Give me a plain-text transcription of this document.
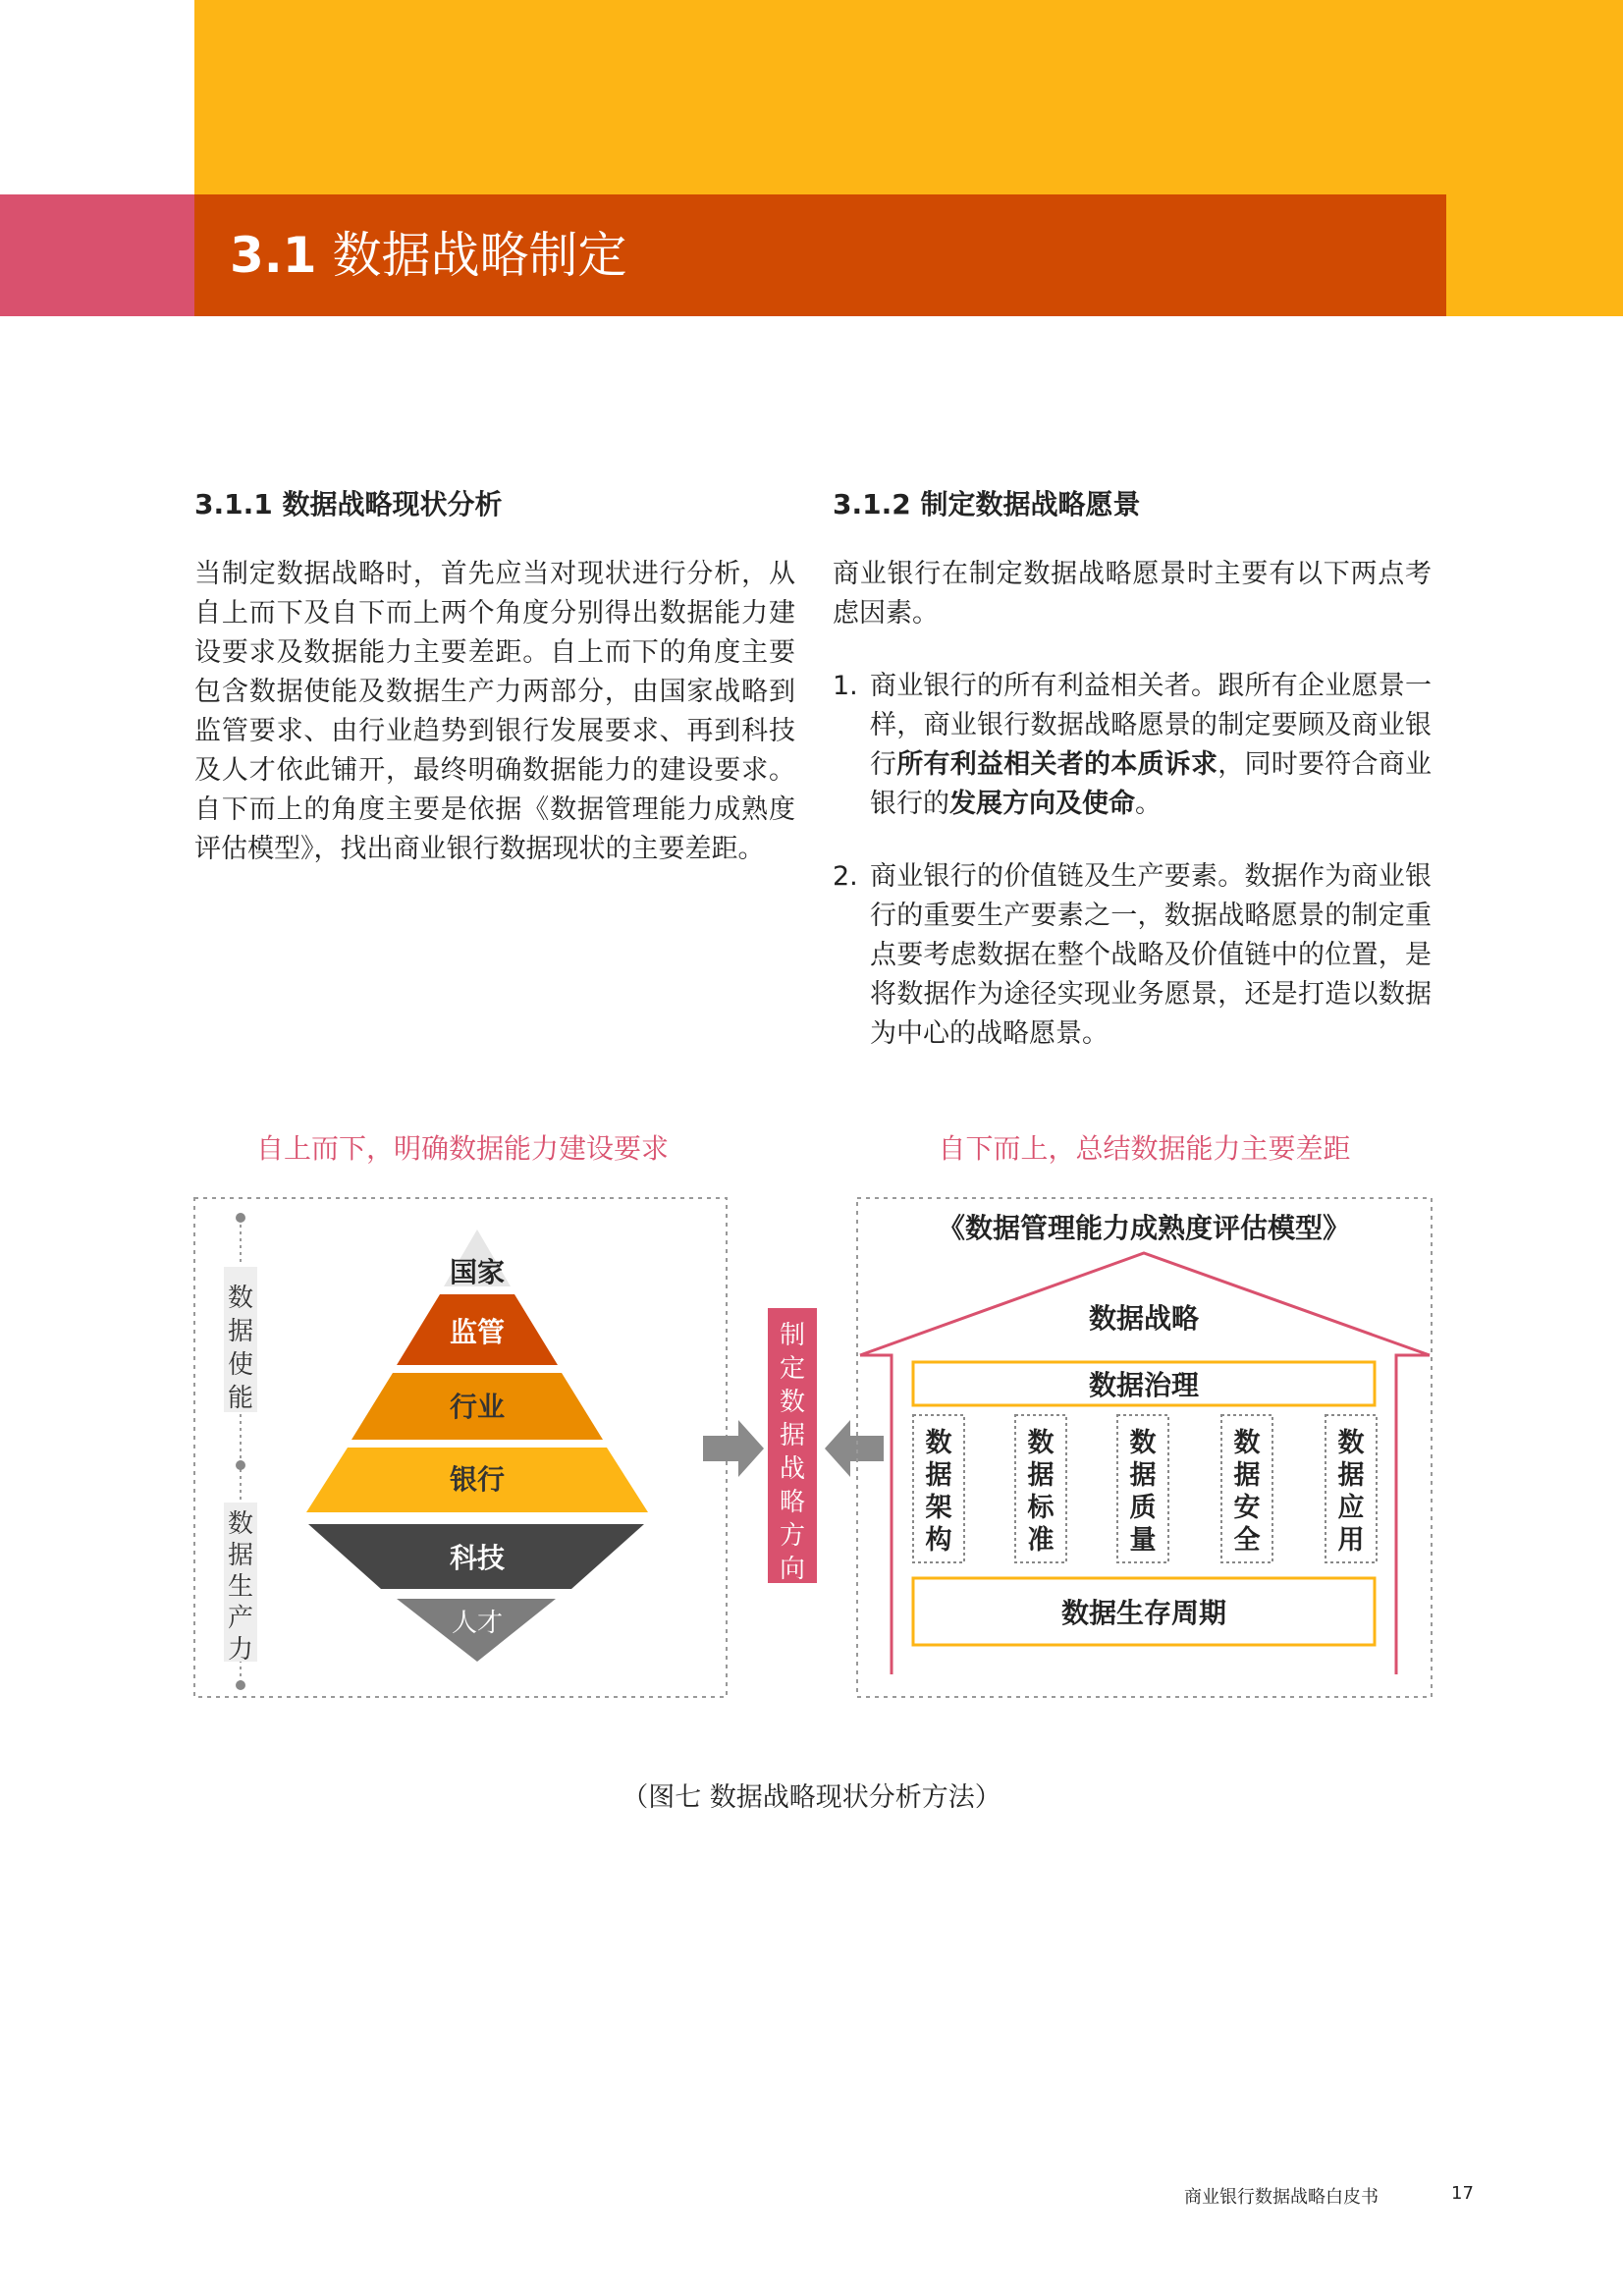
3.1 数据战略制定
3.1.1 数据战略现状分析
当制定数据战略时，首先应当对现状进行分析，从自上而下及自下而上两个角度分别得出数据能力建设要求及数据能力主要差距。自上而下的角度主要包含数据使能及数据生产力两部分，由国家战略到监管要求、由行业趋势到银行发展要求、再到科技及人才依此铺开，最终明确数据能力的建设要求。自下而上的角度主要是依据《数据管理能力成熟度评估模型》，找出商业银行数据现状的主要差距。
3.1.2 制定数据战略愿景
商业银行在制定数据战略愿景时主要有以下两点考虑因素。
1. 商业银行的所有利益相关者。跟所有企业愿景一样，商业银行数据战略愿景的制定要顾及商业银行所有利益相关者的本质诉求，同时要符合商业银行的发展方向及使命。
2. 商业银行的价值链及生产要素。数据作为商业银行的重要生产要素之一，数据战略愿景的制定重点要考虑数据在整个战略及价值链中的位置，是将数据作为途径实现业务愿景，还是打造以数据为中心的战略愿景。
自上而下，明确数据能力建设要求	自下而上，总结数据能力主要差距
数据使能
数据生产力
国家
监管
行业
银行
科技
人才
制定数据战略方向
《数据管理能力成熟度评估模型》
数据战略
数据治理
数据架构
数据标准
数据质量
数据安全
数据应用
数据生存周期
（图七 数据战略现状分析方法）
商业银行数据战略白皮书	17
